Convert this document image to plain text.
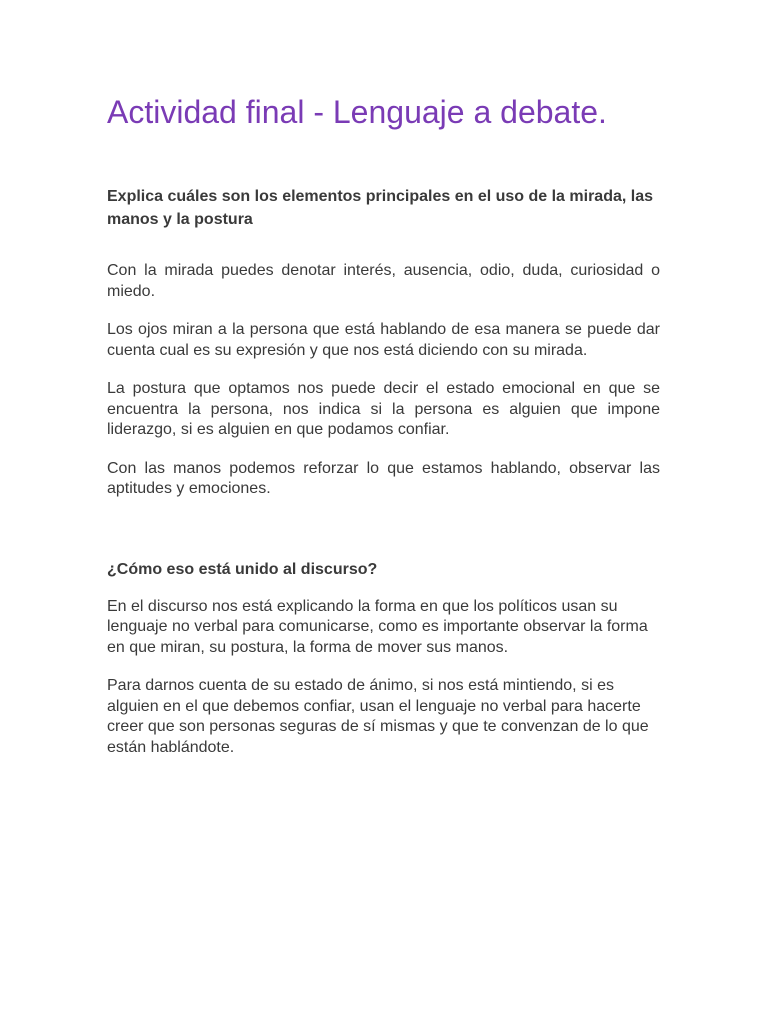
Actividad final - Lenguaje a debate.

Explica cuáles son los elementos principales en el uso de la mirada, las manos y la postura

Con la mirada puedes denotar interés, ausencia, odio, duda, curiosidad o miedo.

Los ojos miran a la persona que está hablando de esa manera se puede dar cuenta cual es su expresión y que nos está diciendo con su mirada.

La postura que optamos nos puede decir el estado emocional en que se encuentra la persona, nos indica si la persona es alguien que impone liderazgo, si es alguien en que podamos confiar.

Con las manos podemos reforzar lo que estamos hablando, observar las aptitudes y emociones.

¿Cómo eso está unido al discurso?

En el discurso nos está explicando la forma en que los políticos usan su lenguaje no verbal para comunicarse, como es importante observar la forma en que miran, su postura, la forma de mover sus manos.

Para darnos cuenta de su estado de ánimo, si nos está mintiendo, si es alguien en el que debemos confiar, usan el lenguaje no verbal para hacerte creer que son personas seguras de sí mismas y que te convenzan de lo que están hablándote.
